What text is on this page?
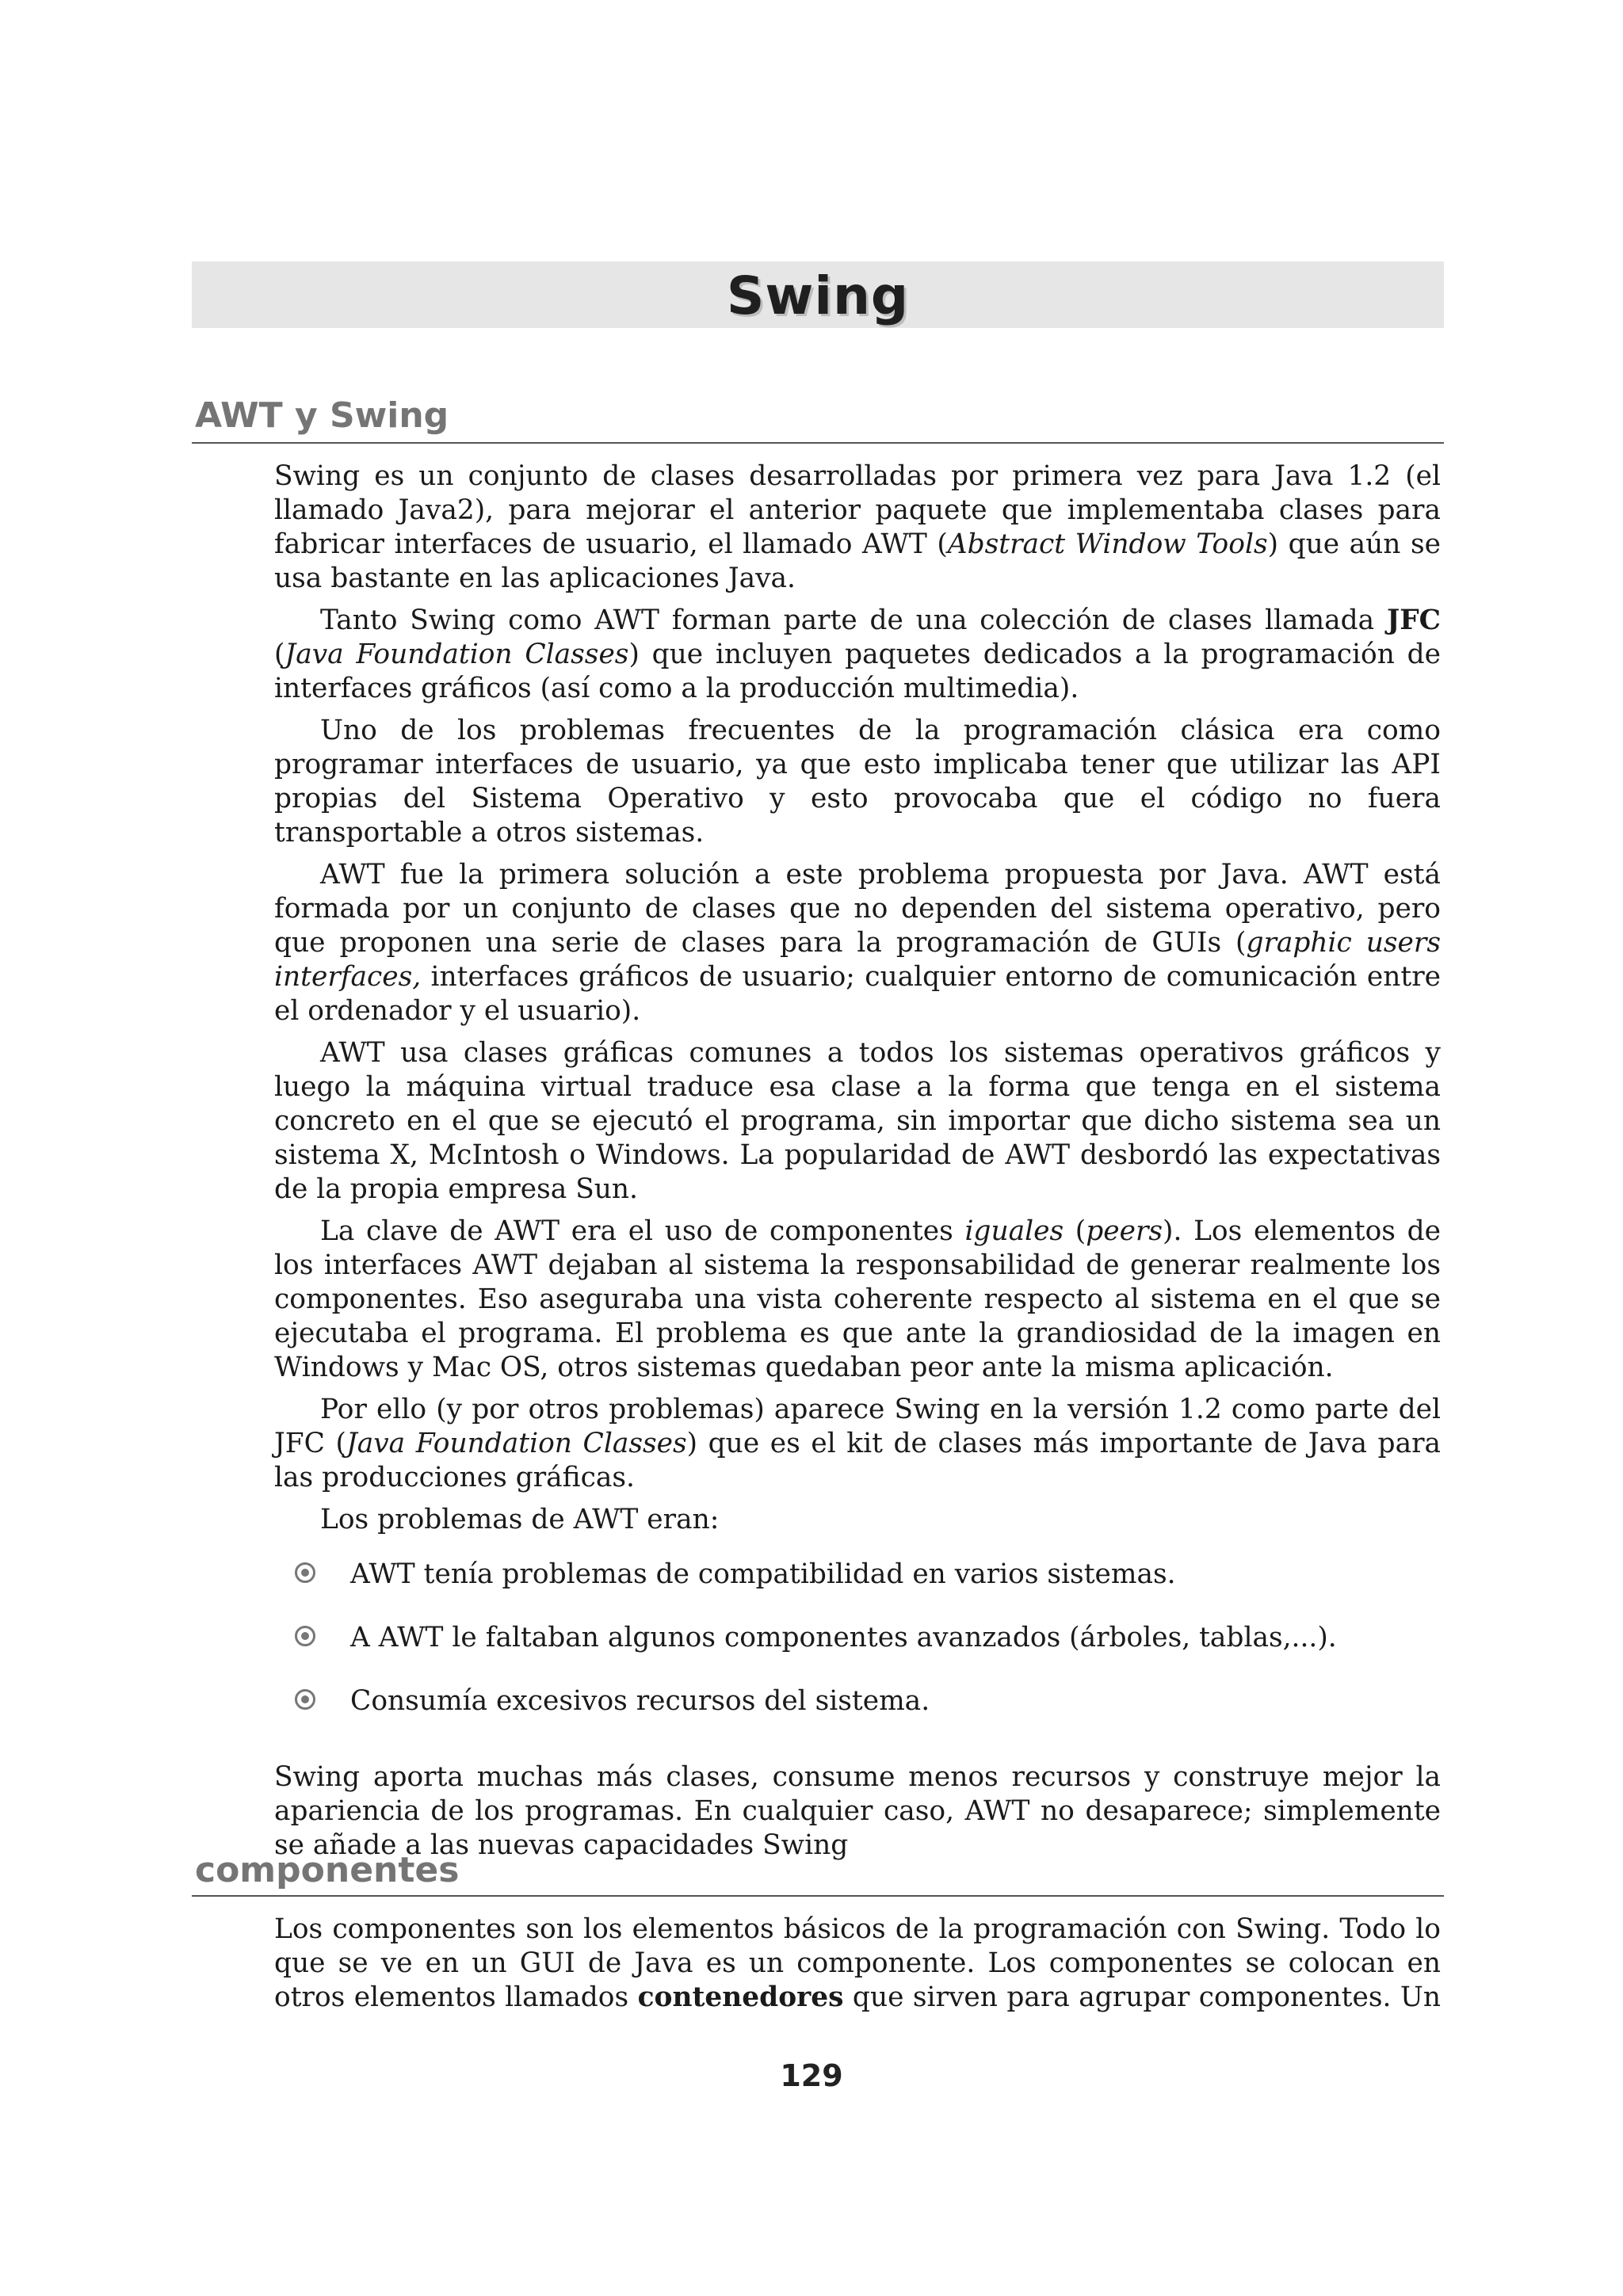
Swing
AWT y Swing

Swing es un conjunto de clases desarrolladas por primera vez para Java 1.2 (el llamado Java2), para mejorar el anterior paquete que implementaba clases para fabricar interfaces de usuario, el llamado AWT (Abstract Window Tools) que aún se usa bastante en las aplicaciones Java.

Tanto Swing como AWT forman parte de una colección de clases llamada JFC (Java Foundation Classes) que incluyen paquetes dedicados a la programación de interfaces gráficos (así como a la producción multimedia).

Uno de los problemas frecuentes de la programación clásica era como programar interfaces de usuario, ya que esto implicaba tener que utilizar las API propias del Sistema Operativo y esto provocaba que el código no fuera transportable a otros sistemas.

AWT fue la primera solución a este problema propuesta por Java. AWT está formada por un conjunto de clases que no dependen del sistema operativo, pero que proponen una serie de clases para la programación de GUIs (graphic users interfaces, interfaces gráficos de usuario; cualquier entorno de comunicación entre el ordenador y el usuario).

AWT usa clases gráficas comunes a todos los sistemas operativos gráficos y luego la máquina virtual traduce esa clase a la forma que tenga en el sistema concreto en el que se ejecutó el programa, sin importar que dicho sistema sea un sistema X, McIntosh o Windows. La popularidad de AWT desbordó las expectativas de la propia empresa Sun.

La clave de AWT era el uso de componentes iguales (peers). Los elementos de los interfaces AWT dejaban al sistema la responsabilidad de generar realmente los componentes. Eso aseguraba una vista coherente respecto al sistema en el que se ejecutaba el programa. El problema es que ante la grandiosidad de la imagen en Windows y Mac OS, otros sistemas quedaban peor ante la misma aplicación.

Por ello (y por otros problemas) aparece Swing en la versión 1.2 como parte del JFC (Java Foundation Classes) que es el kit de clases más importante de Java para las producciones gráficas.

Los problemas de AWT eran:

AWT tenía problemas de compatibilidad en varios sistemas.
A AWT le faltaban algunos componentes avanzados (árboles, tablas,...).
Consumía excesivos recursos del sistema.

Swing aporta muchas más clases, consume menos recursos y construye mejor la apariencia de los programas. En cualquier caso, AWT no desaparece; simplemente se añade a las nuevas capacidades Swing

componentes

Los componentes son los elementos básicos de la programación con Swing. Todo lo que se ve en un GUI de Java es un componente. Los componentes se colocan en otros elementos llamados contenedores que sirven para agrupar componentes. Un

129
